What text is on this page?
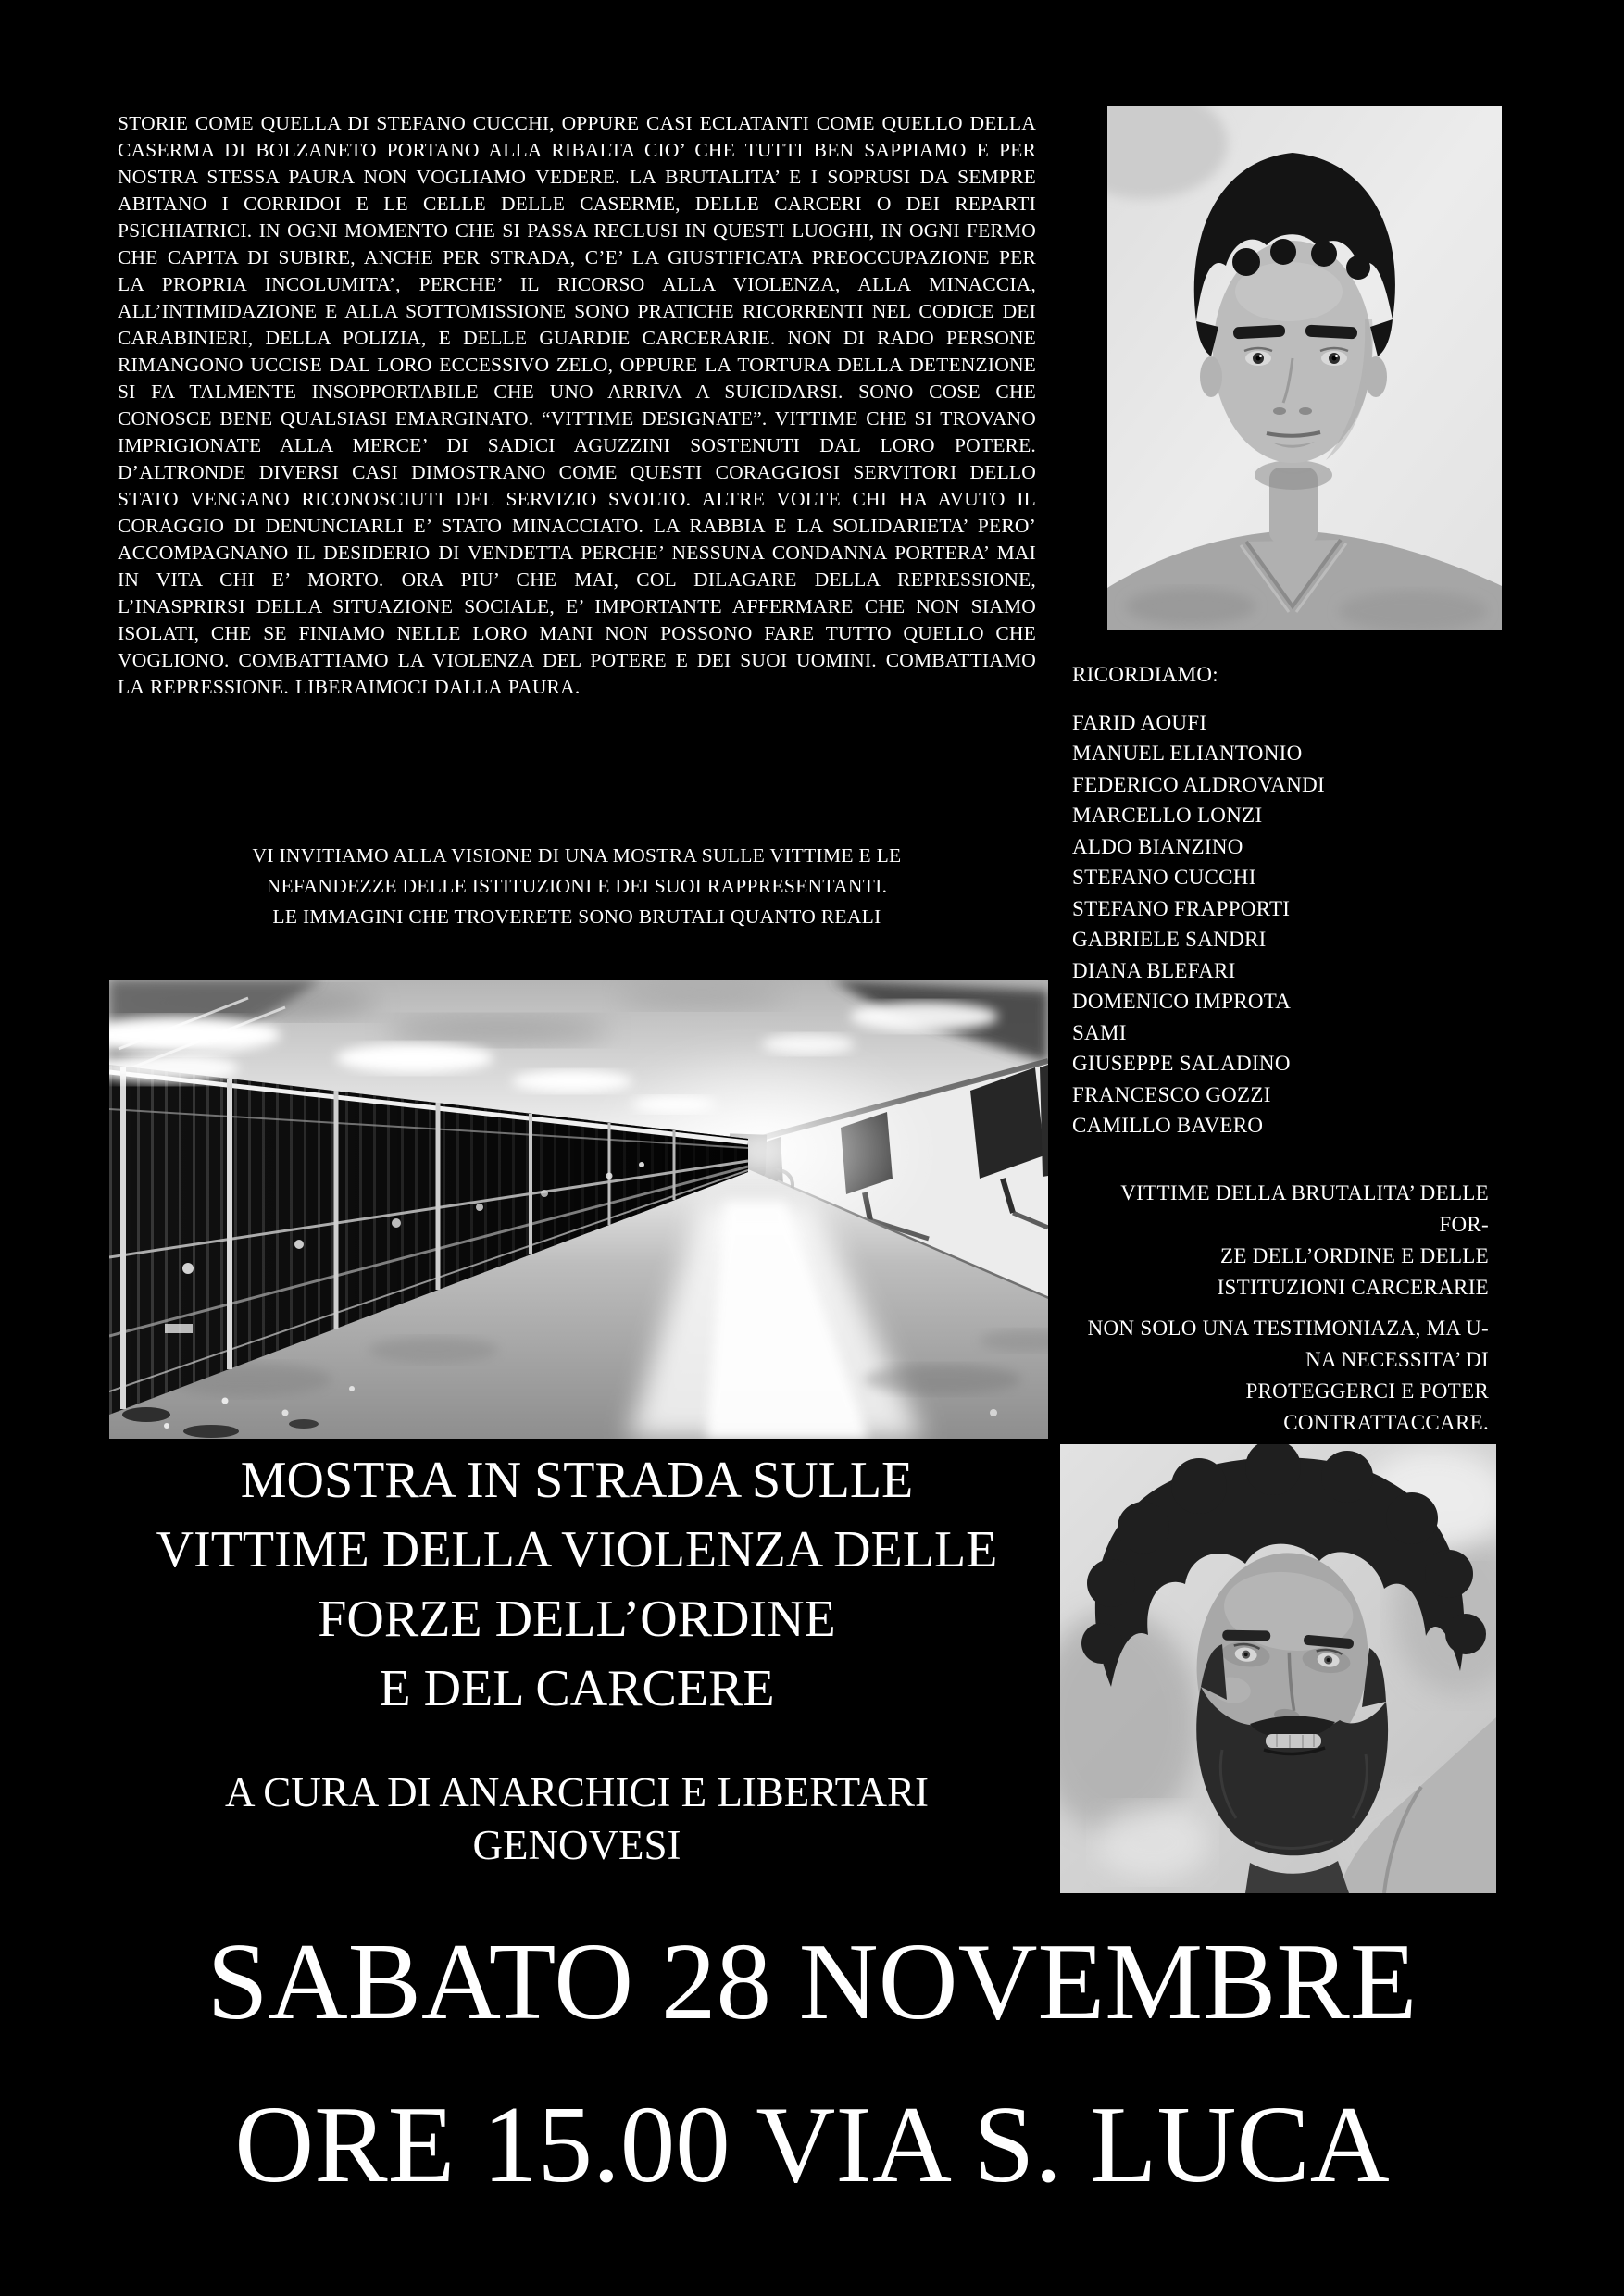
STORIE COME QUELLA DI STEFANO CUCCHI, OPPURE CASI ECLATANTI COME QUELLO DELLA CASERMA DI BOLZANETO PORTANO ALLA RIBALTA CIO’ CHE TUTTI BEN SAPPIAMO E PER NOSTRA STESSA PAURA NON VOGLIAMO VEDERE. LA BRUTALITA’ E I SOPRUSI DA SEMPRE ABITANO I CORRIDOI E LE CELLE DELLE CASERME, DELLE CARCERI O DEI REPARTI PSICHIATRICI. IN OGNI MOMENTO CHE SI PASSA RECLUSI IN QUESTI LUOGHI, IN OGNI FERMO CHE CAPITA DI SUBIRE, ANCHE PER STRADA, C’E’ LA GIUSTIFICATA PREOCCUPAZIONE PER LA PROPRIA INCOLUMITA’, PERCHE’ IL RICORSO ALLA VIOLENZA, ALLA MINACCIA, ALL’INTIMIDAZIONE E ALLA SOTTOMISSIONE SONO PRATICHE RICORRENTI NEL CODICE DEI CARABINIERI, DELLA POLIZIA, E DELLE GUARDIE CARCERARIE. NON DI RADO PERSONE RIMANGONO UCCISE DAL LORO ECCESSIVO ZELO, OPPURE LA TORTURA DELLA DETENZIONE SI FA TALMENTE INSOPPORTABILE CHE UNO ARRIVA A SUICIDARSI. SONO COSE CHE CONOSCE BENE QUALSIASI EMARGINATO. “VITTIME DESIGNATE”. VITTIME CHE SI TROVANO IMPRIGIONATE ALLA MERCE’ DI SADICI AGUZZINI SOSTENUTI DAL LORO POTERE. D’ALTRONDE DIVERSI CASI DIMOSTRANO COME QUESTI CORAGGIOSI SERVITORI DELLO STATO VENGANO RICONOSCIUTI DEL SERVIZIO SVOLTO. ALTRE VOLTE CHI HA AVUTO IL CORAGGIO DI DENUNCIARLI E’ STATO MINACCIATO. LA RABBIA E LA SOLIDARIETA’ PERO’ ACCOMPAGNANO IL DESIDERIO DI VENDETTA PERCHE’ NESSUNA CONDANNA PORTERA’ MAI IN VITA CHI E’ MORTO. ORA PIU’ CHE MAI, COL DILAGARE DELLA REPRESSIONE, L’INASPRIRSI DELLA SITUAZIONE SOCIALE, E’ IMPORTANTE AFFERMARE CHE NON SIAMO ISOLATI, CHE SE FINIAMO NELLE LORO MANI NON POSSONO FARE TUTTO QUELLO CHE VOGLIONO. COMBATTIAMO LA VIOLENZA DEL POTERE E DEI SUOI UOMINI. COMBATTIAMO LA REPRESSIONE. LIBERAIMOCI DALLA PAURA.
VI INVITIAMO ALLA VISIONE DI UNA MOSTRA SULLE VITTIME E LE
NEFANDEZZE DELLE ISTITUZIONI E DEI SUOI RAPPRESENTANTI.
LE IMMAGINI CHE TROVERETE SONO BRUTALI QUANTO REALI
RICORDIAMO:
FARID AOUFI
MANUEL ELIANTONIO
FEDERICO ALDROVANDI
MARCELLO LONZI
ALDO BIANZINO
STEFANO CUCCHI
STEFANO FRAPPORTI
GABRIELE SANDRI
DIANA BLEFARI
DOMENICO IMPROTA
SAMI
GIUSEPPE SALADINO
FRANCESCO GOZZI
CAMILLO BAVERO
VITTIME DELLA BRUTALITA’ DELLE FOR-
ZE DELL’ORDINE E DELLE
ISTITUZIONI CARCERARIE
NON SOLO UNA TESTIMONIAZA, MA U-
NA NECESSITA’ DI
PROTEGGERCI E POTER
CONTRATTACCARE.
MOSTRA IN STRADA SULLE
VITTIME DELLA VIOLENZA DELLE
FORZE DELL’ORDINE
E DEL CARCERE
A CURA DI ANARCHICI E LIBERTARI
GENOVESI
SABATO 28 NOVEMBRE
ORE 15.00 VIA S. LUCA
